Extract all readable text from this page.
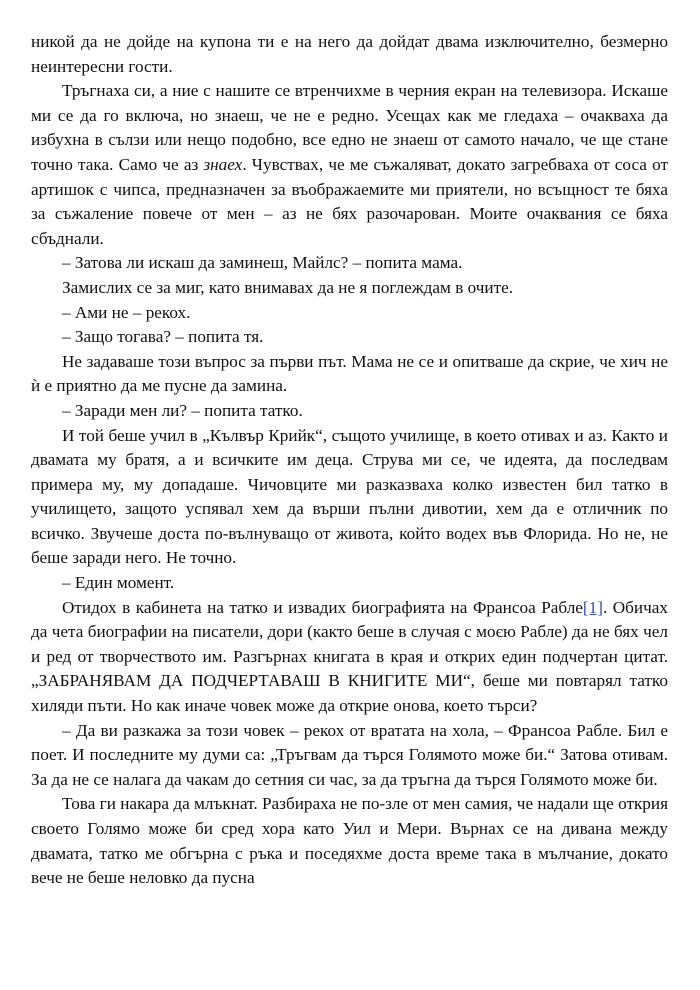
никой да не дойде на купона ти е на него да дойдат двама изключително, безмерно неинтересни гости.

Тръгнаха си, а ние с нашите се втренчихме в черния екран на телевизора. Искаше ми се да го включа, но знаеш, че не е редно. Усещах как ме гледаха – очакваха да избухна в сълзи или нещо подобно, все едно не знаеш от самото начало, че ще стане точно така. Само че аз знаех. Чувствах, че ме съжаляват, докато загребваха от соса от артишок с чипса, предназначен за въображаемите ми приятели, но всъщност те бяха за съжаление повече от мен – аз не бях разочарован. Моите очаквания се бяха сбъднали.

– Затова ли искаш да заминеш, Майлс? – попита мама.

Замислих се за миг, като внимавах да не я поглеждам в очите.

– Ами не – рекох.

– Защо тогава? – попита тя.

Не задаваше този въпрос за първи път. Мама не се и опитваше да скрие, че хич не ѝ е приятно да ме пусне да замина.

– Заради мен ли? – попита татко.

И той беше учил в „Кълвър Крийк“, същото училище, в което отивах и аз. Както и двамата му братя, а и всичките им деца. Струва ми се, че идеята, да последвам примера му, му допадаше. Чичовците ми разказваха колко известен бил татко в училището, защото успявал хем да върши пълни дивотии, хем да е отличник по всичко. Звучеше доста по-вълнуващо от живота, който водех във Флорида. Но не, не беше заради него. Не точно.

– Един момент.

Отидох в кабинета на татко и извадих биографията на Франсоа Рабле[1]. Обичах да чета биографии на писатели, дори (както беше в случая с моєю Рабле) да не бях чел и ред от творчеството им. Разгърнах книгата в края и открих един подчертан цитат. „ЗАБРАНЯВАМ ДА ПОДЧЕРТАВАШ В КНИГИТЕ МИ“, беше ми повтарял татко хиляди пъти. Но как иначе човек може да открие онова, което търси?

– Да ви разкажа за този човек – рекох от вратата на хола, – Франсоа Рабле. Бил е поет. И последните му думи са: „Тръгвам да търся Голямото може би.“ Затова отивам. За да не се налага да чакам до сетния си час, за да тръгна да търся Голямото може би.

Това ги накара да млъкнат. Разбираха не по-зле от мен самия, че надали ще открия своето Голямо може би сред хора като Уил и Мери. Върнах се на дивана между двамата, татко ме обгърна с ръка и поседяхме доста време така в мълчание, докато вече не беше неловко да пусна
